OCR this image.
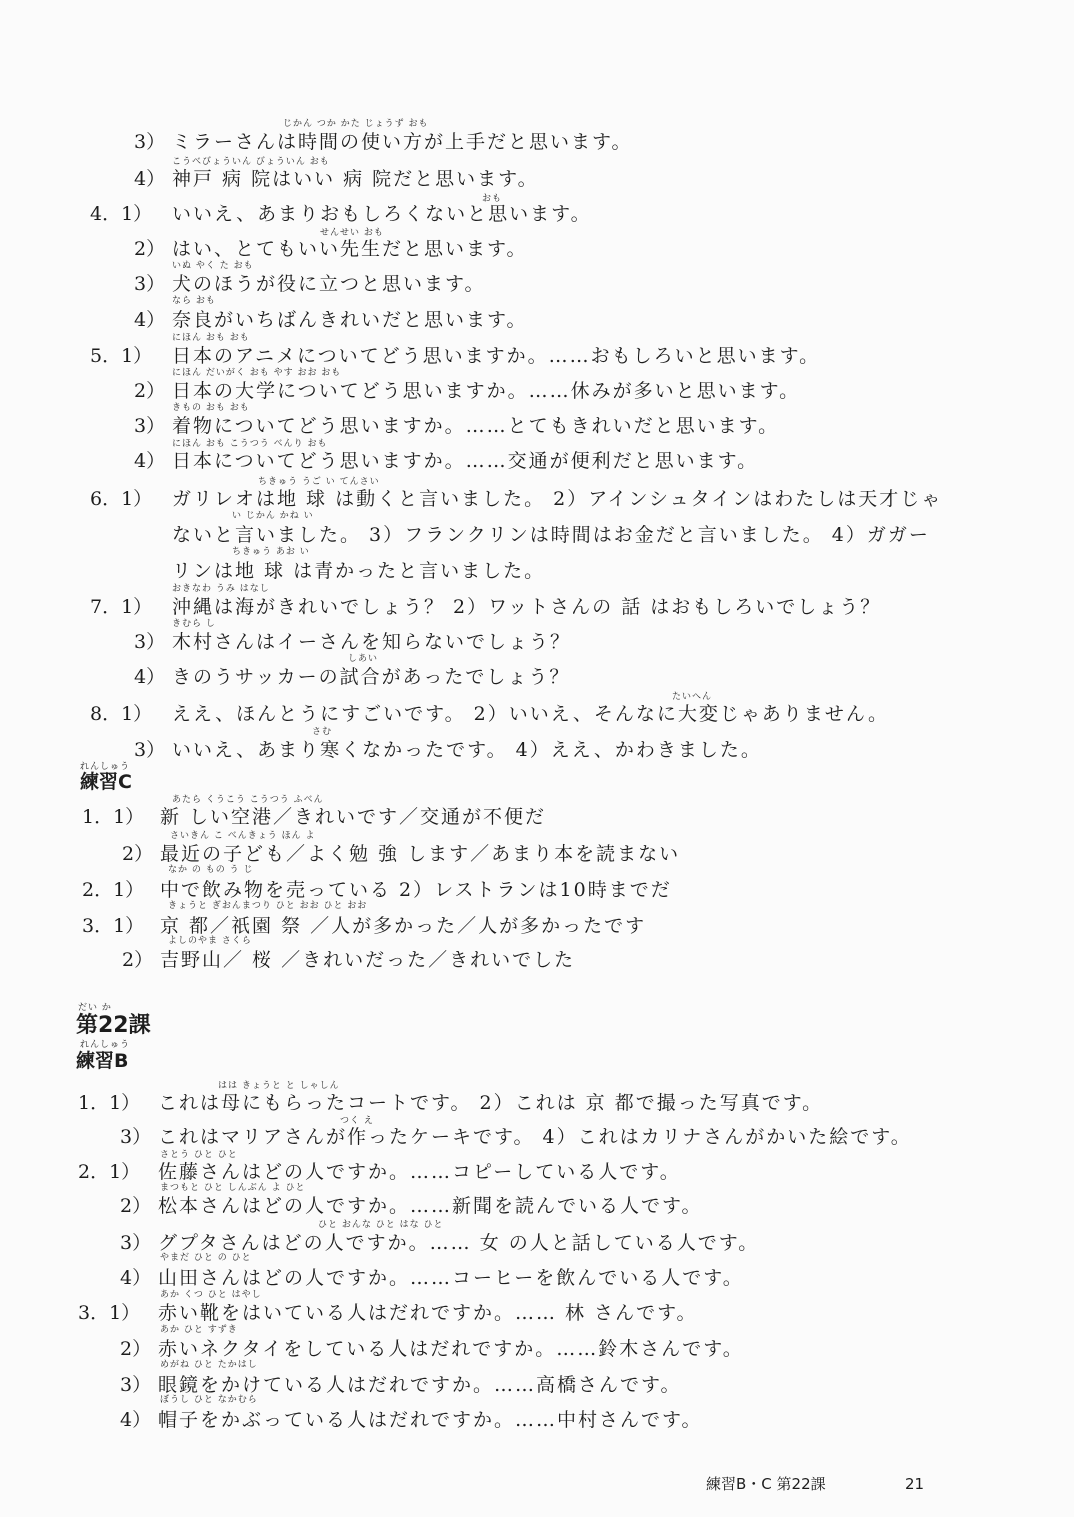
じかん つか かた じょうず おも
3） ミラーさんは時間の使い方が上手だと思います。
こうべびょういん びょういん おも
4） 神戸 病 院はいい 病 院だと思います。
おも
4．1） いいえ、あまりおもしろくないと思います。
せんせい おも
2） はい、とてもいい先生だと思います。
いぬ やく た おも
3） 犬のほうが役に立つと思います。
なら おも
4） 奈良がいちばんきれいだと思います。
にほん おも おも
5．1） 日本のアニメについてどう思いますか。……おもしろいと思います。
にほん だいがく おも やす おお おも
2） 日本の大学についてどう思いますか。……休みが多いと思います。
きもの おも おも
3） 着物についてどう思いますか。……とてもきれいだと思います。
にほん おも こうつう べんり おも
4） 日本についてどう思いますか。……交通が便利だと思います。
ちきゅう うご い てんさい
6．1） ガリレオは地 球 は動くと言いました。 2）アインシュタインはわたしは天才じゃ
い じかん かね い
ないと言いました。 3）フランクリンは時間はお金だと言いました。 4）ガガー
ちきゅう あお い
リンは地 球 は青かったと言いました。
おきなわ うみ はなし
7．1） 沖縄は海がきれいでしょう？ 2）ワットさんの 話 はおもしろいでしょう？
きむら し
3） 木村さんはイーさんを知らないでしょう？
しあい
4） きのうサッカーの試合があったでしょう？
たいへん
8．1） ええ、ほんとうにすごいです。 2）いいえ、そんなに大変じゃありません。
さむ
3） いいえ、あまり寒くなかったです。 4）ええ、かわきました。
れんしゅう
練習C
あたら くうこう こうつう ふべん
1．1） 新 しい空港／きれいです／交通が不便だ
さいきん こ べんきょう ほん よ
2） 最近の子ども／よく勉 強 します／あまり本を読まない
なか の もの う じ
2．1） 中で飲み物を売っている 2）レストランは10時までだ
きょうと ぎおんまつり ひと おお ひと おお
3．1） 京 都／祇園 祭 ／人が多かった／人が多かったです
よしのやま さくら
2） 吉野山／ 桜 ／きれいだった／きれいでした
だい か
第22課
れんしゅう
練習B
はは きょうと と しゃしん
1．1） これは母にもらったコートです。 2）これは 京 都で撮った写真です。
つく え
3） これはマリアさんが作ったケーキです。 4）これはカリナさんがかいた絵です。
さとう ひと ひと
2．1） 佐藤さんはどの人ですか。……コピーしている人です。
まつもと ひと しんぶん よ ひと
2） 松本さんはどの人ですか。……新聞を読んでいる人です。
ひと おんな ひと はな ひと
3） グプタさんはどの人ですか。…… 女 の人と話している人です。
やまだ ひと の ひと
4） 山田さんはどの人ですか。……コーヒーを飲んでいる人です。
あか くつ ひと はやし
3．1） 赤い靴をはいている人はだれですか。…… 林 さんです。
あか ひと すずき
2） 赤いネクタイをしている人はだれですか。……鈴木さんです。
めがね ひと たかはし
3） 眼鏡をかけている人はだれですか。……高橋さんです。
ぼうし ひと なかむら
4） 帽子をかぶっている人はだれですか。……中村さんです。
練習B・C 第22課	21
